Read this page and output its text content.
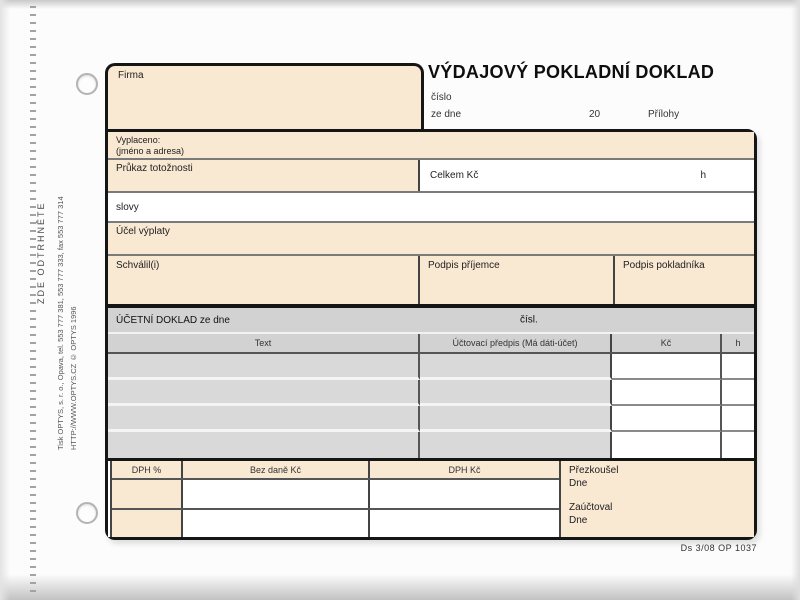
ZDE ODTRHNĚTE Tisk OPTYS, s. r. o., Opava, tel. 553 777 381, 553 777 333, fax 553 777 314 HTTP://WWW.OPTYS.CZ © OPTYS 1996
Firma	VÝDAJOVÝ POKLADNÍ DOKLAD
číslo
ze dne	20	Přílohy
Vyplaceno:
(jméno a adresa)
Průkaz totožnosti
Celkem Kč	h
slovy
Účel výplaty
Schválil(i)	Podpis příjemce	Podpis pokladníka
ÚČETNÍ DOKLAD ze dne	čísl.
Text	Účtovací předpis (Má dáti-účet)	Kč	h
DPH %	Bez daně Kč	DPH Kč	Přezkoušel
Dne
Zaúčtoval
Dne
Ds 3/08 OP 1037
